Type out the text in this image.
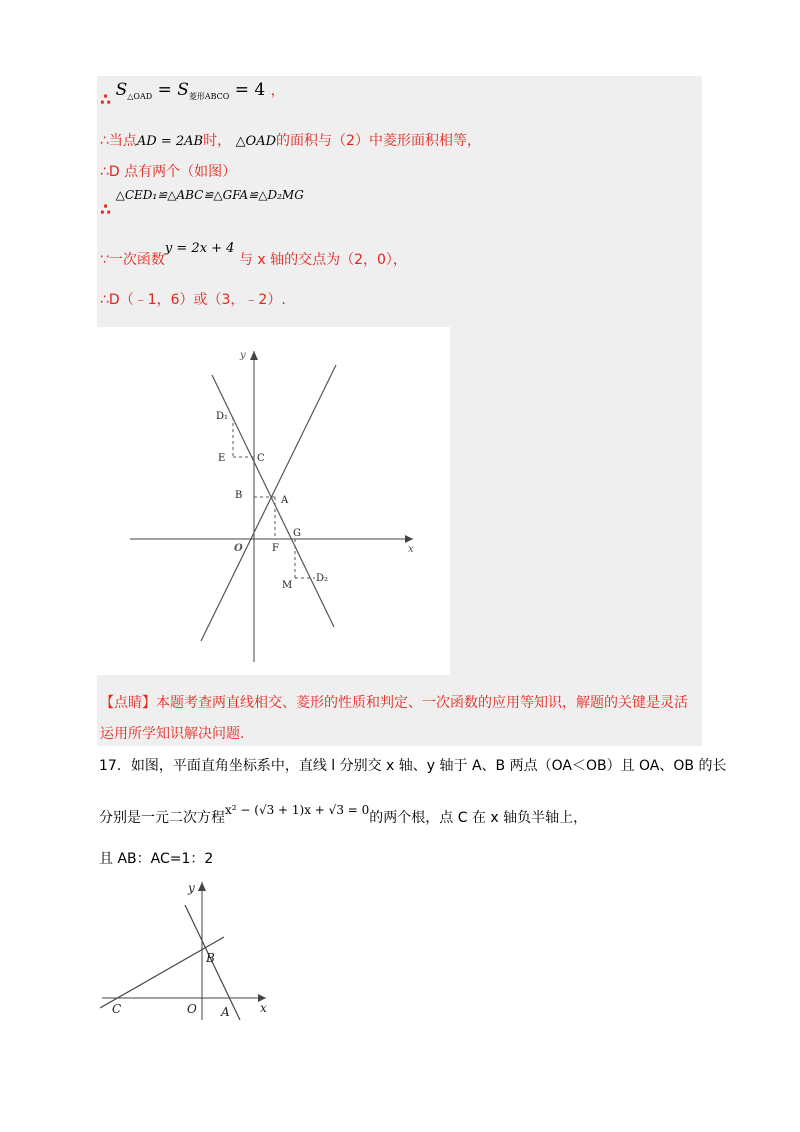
∴ $S_{\triangle OAD} = S_{菱形ABCO} = 4$ ，
∴当点AD = 2AB时， △OAD的面积与（2）中菱形面积相等，
∴D 点有两个（如图）
∴ △CED₁≌△ABC≌△GFA≌△D₂MG
∵一次函数y = 2x + 4 与 x 轴的交点为（2，0），
∴D（﹣1，6）或（3，﹣2）.
y
x
O
D₁
E	C
B	A
G
F
M
D₂
【点睛】本题考查两直线相交、菱形的性质和判定、一次函数的应用等知识，解题的关键是灵活
运用所学知识解决问题.
17．如图，平面直角坐标系中，直线 l 分别交 x 轴、y 轴于 A、B 两点（OA＜OB）且 OA、OB 的长
分别是一元二次方程x² − (√3 + 1)x + √3 = 0的两个根，点 C 在 x 轴负半轴上，
且 AB：AC=1：2
y
x
B
C	O A
